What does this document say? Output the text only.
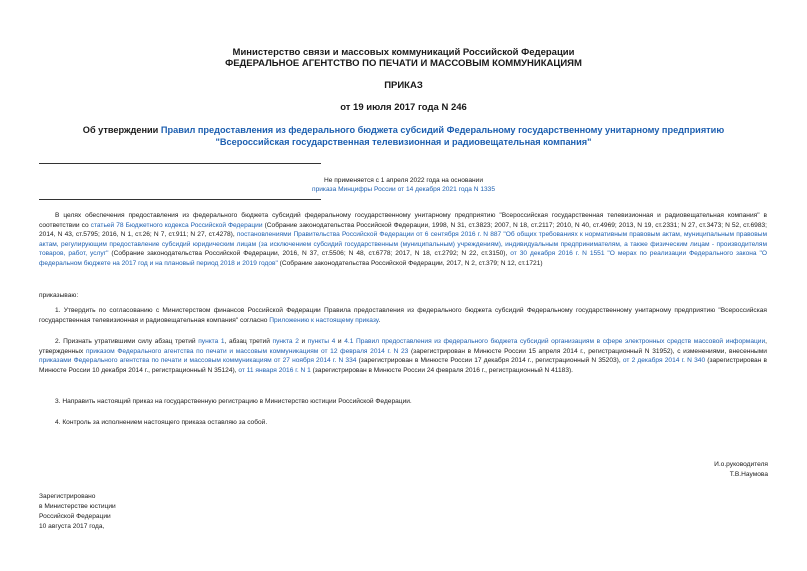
Министерство связи и массовых коммуникаций Российской Федерации
ФЕДЕРАЛЬНОЕ АГЕНТСТВО ПО ПЕЧАТИ И МАССОВЫМ КОММУНИКАЦИЯМ
ПРИКАЗ
от 19 июля 2017 года N 246
Об утверждении Правил предоставления из федерального бюджета субсидий Федеральному государственному унитарному предприятию "Всероссийская государственная телевизионная и радиовещательная компания"
Не применяется с 1 апреля 2022 года на основании
приказа Минцифры России от 14 декабря 2021 года N 1335
В целях обеспечения предоставления из федерального бюджета субсидий федеральному государственному унитарному предприятию "Всероссийская государственная телевизионная и радиовещательная компания" в соответствии со статьей 78 Бюджетного кодекса Российской Федерации (Собрание законодательства Российской Федерации, 1998, N 31, ст.3823; 2007, N 18, ст.2117; 2010, N 40, ст.4969; 2013, N 19, ст.2331; N 27, ст.3473; N 52, ст.6983; 2014, N 43, ст.5795; 2016, N 1, ст.26; N 7, ст.911; N 27, ст.4278), постановлениями Правительства Российской Федерации от 6 сентября 2016 г. N 887 "Об общих требованиях к нормативным правовым актам, муниципальным правовым актам, регулирующим предоставление субсидий юридическим лицам (за исключением субсидий государственным (муниципальным) учреждениям), индивидуальным предпринимателям, а также физическим лицам - производителям товаров, работ, услуг" (Собрание законодательства Российской Федерации, 2016, N 37, ст.5506; N 48, ст.6778; 2017, N 18, ст.2792; N 22, ст.3150), от 30 декабря 2016 г. N 1551 "О мерах по реализации Федерального закона "О федеральном бюджете на 2017 год и на плановый период 2018 и 2019 годов" (Собрание законодательства Российской Федерации, 2017, N 2, ст.379; N 12, ст.1721)
приказываю:
1. Утвердить по согласованию с Министерством финансов Российской Федерации Правила предоставления из федерального бюджета субсидий Федеральному государственному унитарному предприятию "Всероссийская государственная телевизионная и радиовещательная компания" согласно Приложению к настоящему приказу.
2. Признать утратившими силу абзац третий пункта 1, абзац третий пункта 2 и пункты 4 и 4.1 Правил предоставления из федерального бюджета субсидий организациям в сфере электронных средств массовой информации, утвержденных приказом Федерального агентства по печати и массовым коммуникациям от 12 февраля 2014 г. N 23 (зарегистрирован в Минюсте России 15 апреля 2014 г., регистрационный N 31952), с изменениями, внесенными приказами Федерального агентства по печати и массовым коммуникациям от 27 ноября 2014 г. N 334 (зарегистрирован в Минюсте России 17 декабря 2014 г., регистрационный N 35203), от 2 декабря 2014 г. N 340 (зарегистрирован в Минюсте России 10 декабря 2014 г., регистрационный N 35124), от 11 января 2016 г. N 1 (зарегистрирован в Минюсте России 24 февраля 2016 г., регистрационный N 41183).
3. Направить настоящий приказ на государственную регистрацию в Министерство юстиции Российской Федерации.
4. Контроль за исполнением настоящего приказа оставляю за собой.
И.о.руководителя
Т.В.Наумова
Зарегистрировано
в Министерстве юстиции
Российской Федерации
10 августа 2017 года,
